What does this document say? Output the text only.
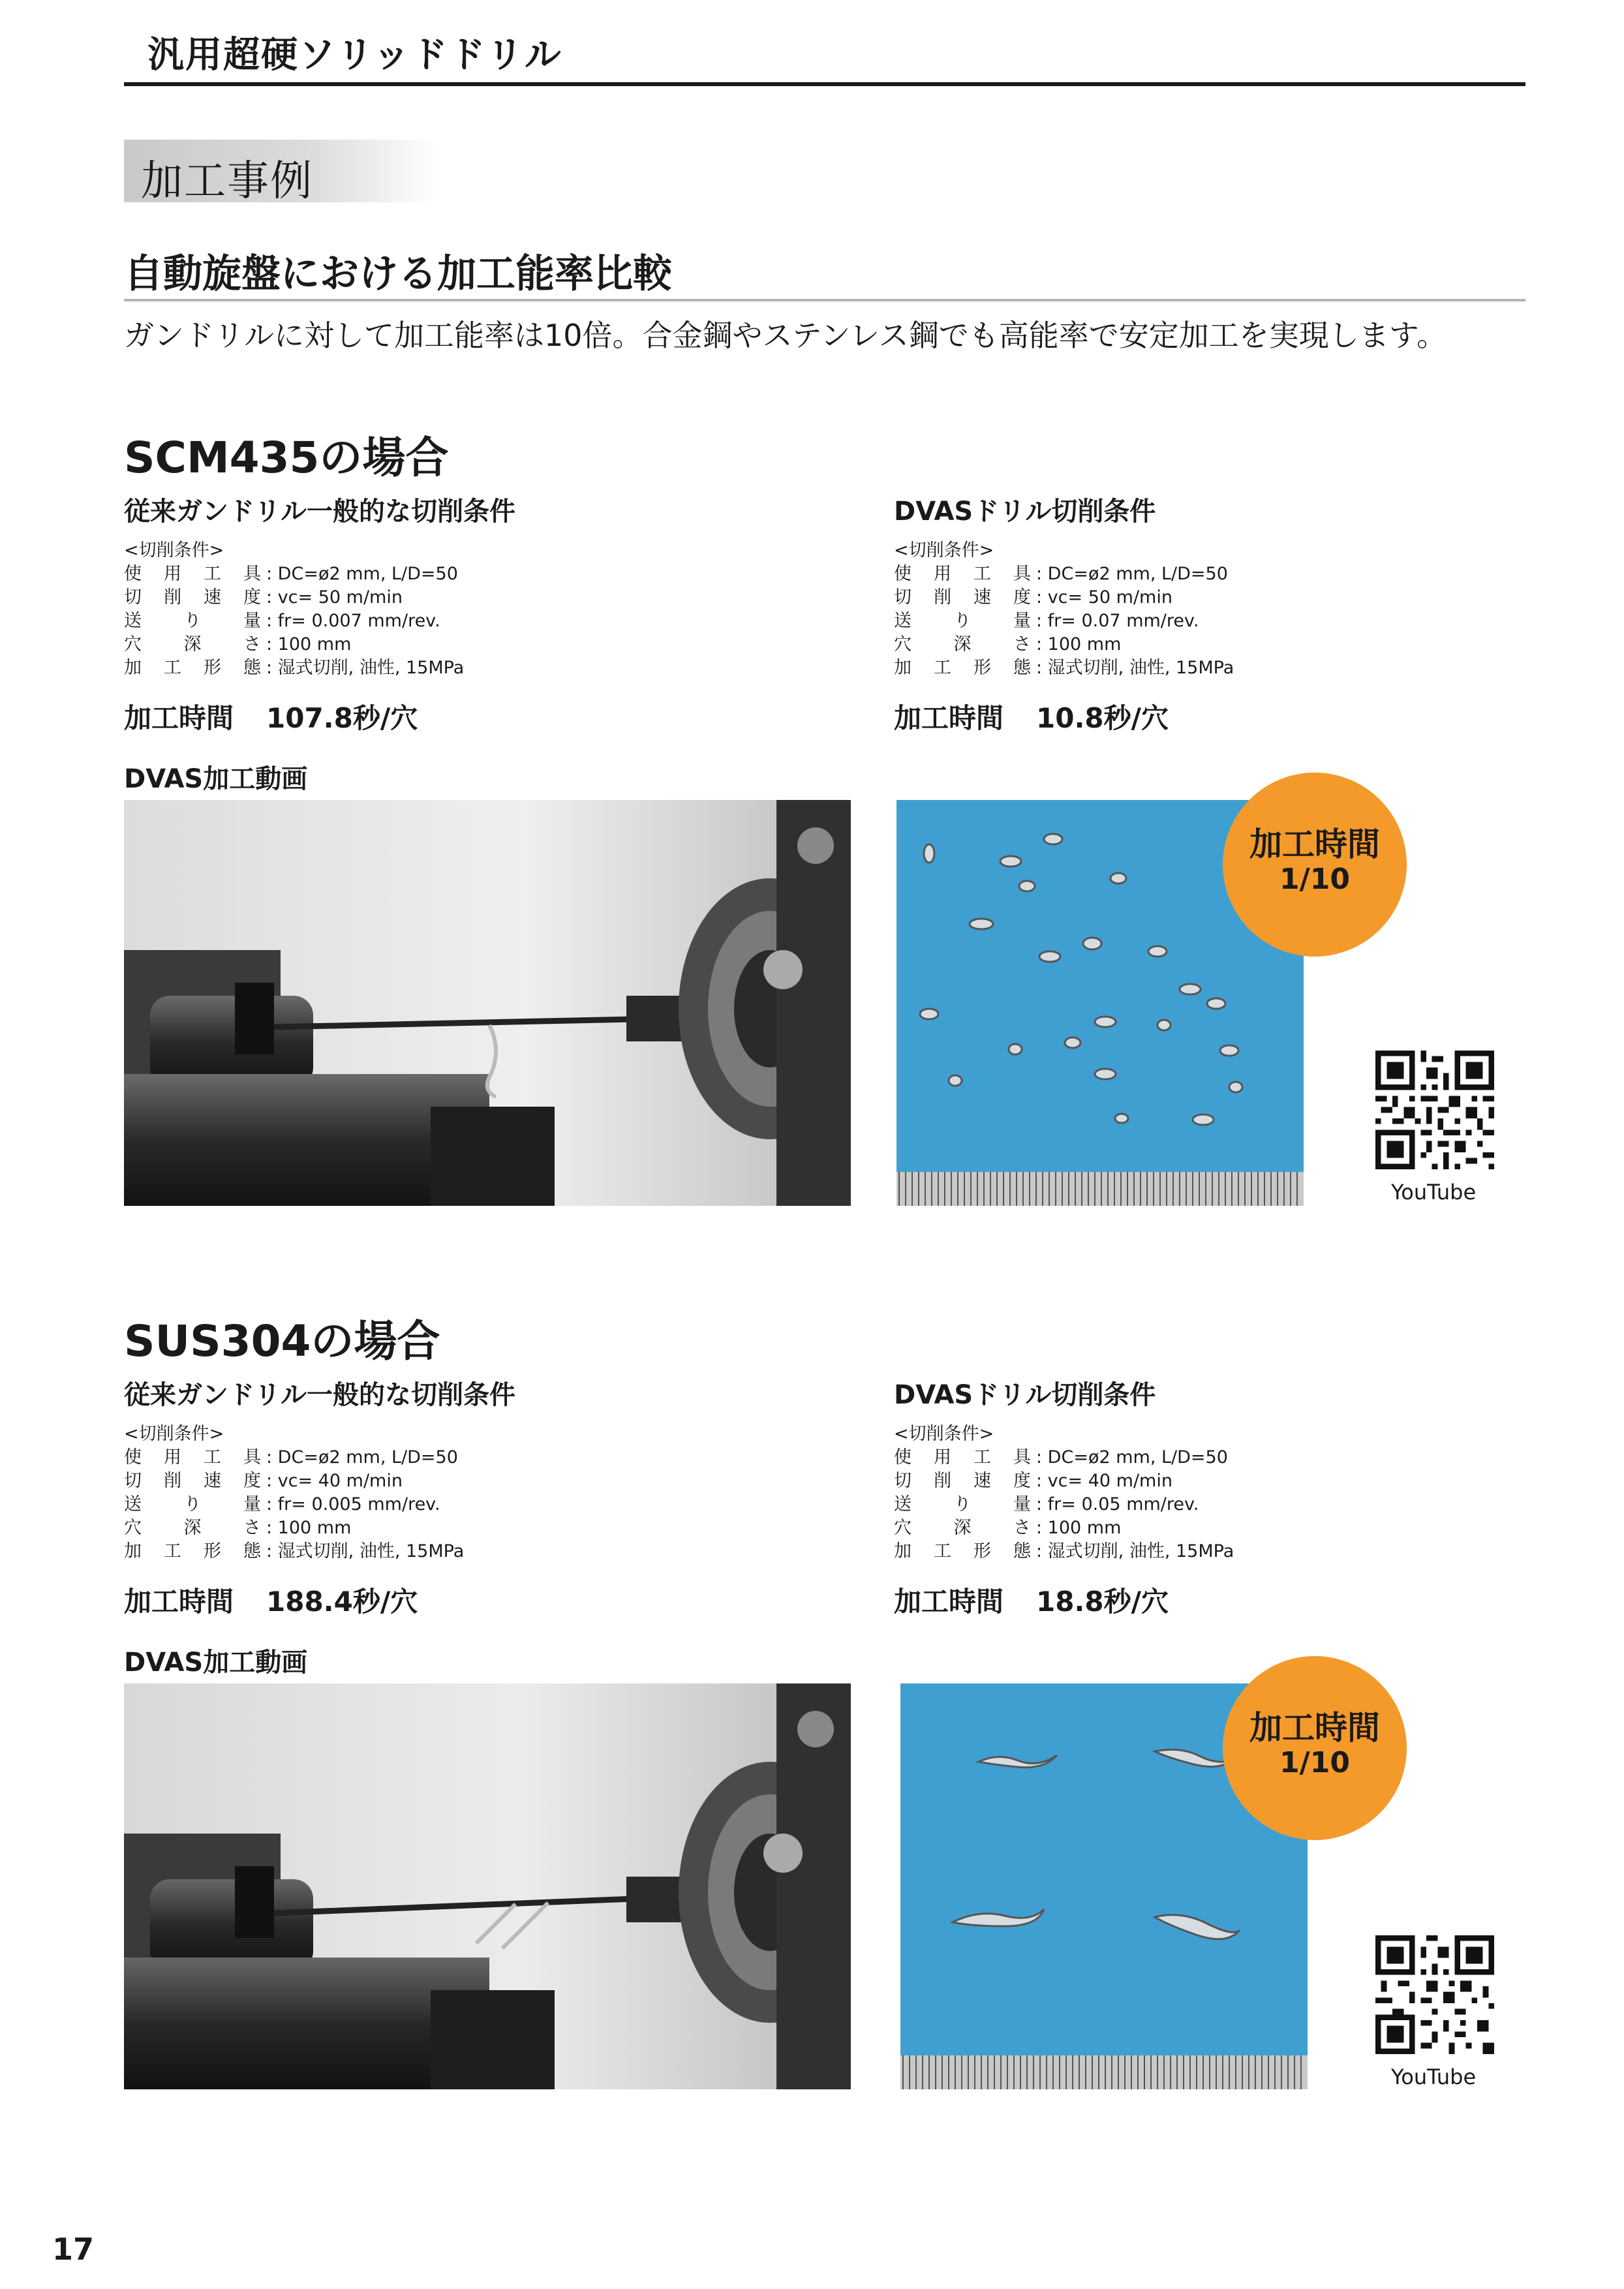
汎用超硬ソリッドドリル
加工事例
自動旋盤における加工能率比較
ガンドリルに対して加工能率は10倍。合金鋼やステンレス鋼でも高能率で安定加工を実現します。
SCM435の場合
従来ガンドリル一般的な切削条件
<切削条件>
使 用 工 具 : DC=ø2 mm, L/D=50
切 削 速 度 : vc= 50 m/min
送 り 量 : fr= 0.007 mm/rev.
穴 深 さ : 100 mm
加 工 形 態 : 湿式切削, 油性, 15MPa
加工時間 107.8秒/穴
DVAS加工動画
DVASドリル切削条件
<切削条件>
使 用 工 具 : DC=ø2 mm, L/D=50
切 削 速 度 : vc= 50 m/min
送 り 量 : fr= 0.07 mm/rev.
穴 深 さ : 100 mm
加 工 形 態 : 湿式切削, 油性, 15MPa
加工時間 10.8秒/穴
加工時間
1/10
YouTube
SUS304の場合
従来ガンドリル一般的な切削条件
<切削条件>
使 用 工 具 : DC=ø2 mm, L/D=50
切 削 速 度 : vc= 40 m/min
送 り 量 : fr= 0.005 mm/rev.
穴 深 さ : 100 mm
加 工 形 態 : 湿式切削, 油性, 15MPa
加工時間 188.4秒/穴
DVAS加工動画
DVASドリル切削条件
<切削条件>
使 用 工 具 : DC=ø2 mm, L/D=50
切 削 速 度 : vc= 40 m/min
送 り 量 : fr= 0.05 mm/rev.
穴 深 さ : 100 mm
加 工 形 態 : 湿式切削, 油性, 15MPa
加工時間 18.8秒/穴
加工時間
1/10
YouTube
17
